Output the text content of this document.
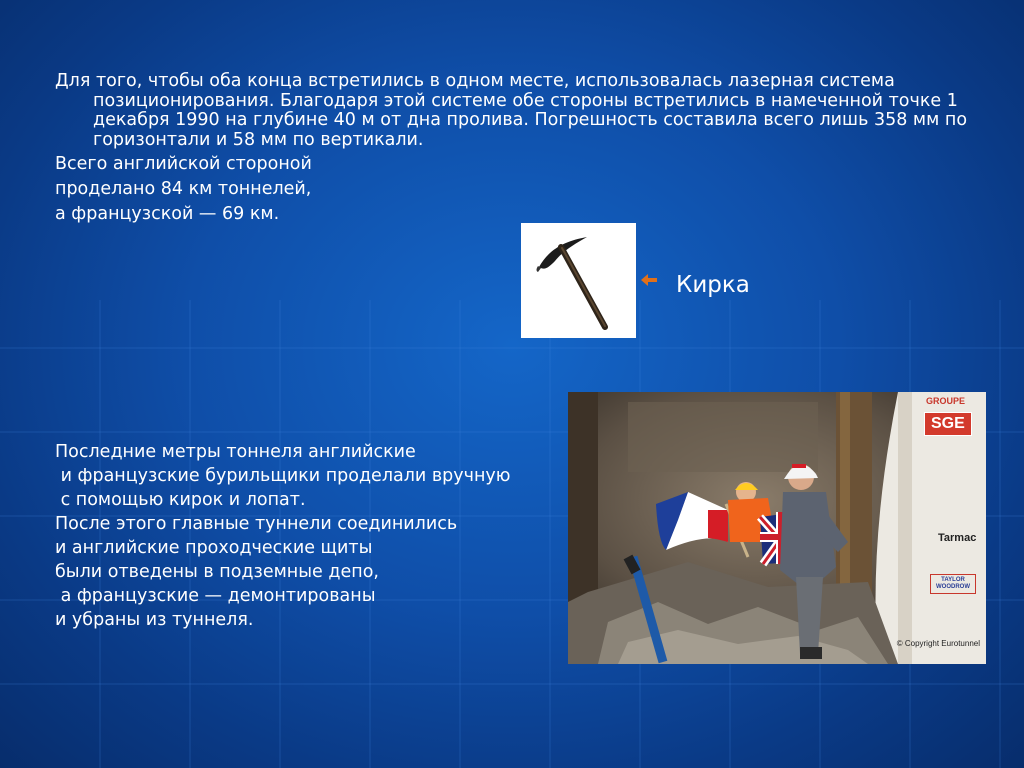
Для того, чтобы оба конца встретились в одном месте, использовалась лазерная система позиционирования. Благодаря этой системе обе стороны встретились в намеченной точке 1 декабря 1990 на глубине 40 м от дна пролива. Погрешность составила всего лишь 358 мм по горизонтали и 58 мм по вертикали.

Всего английской стороной

проделано 84 км тоннелей,

а французской — 69 км.

Кирка

Последние метры тоннеля английские

и французские бурильщики проделали вручную

с помощью кирок и лопат.

После этого главные туннели соединились

и английские проходческие щиты

были отведены в подземные депо,

а французские — демонтированы

и убраны из туннеля.

GROUPE
SGE
Tarmac
TAYLOR WOODROW
© Copyright Eurotunnel
